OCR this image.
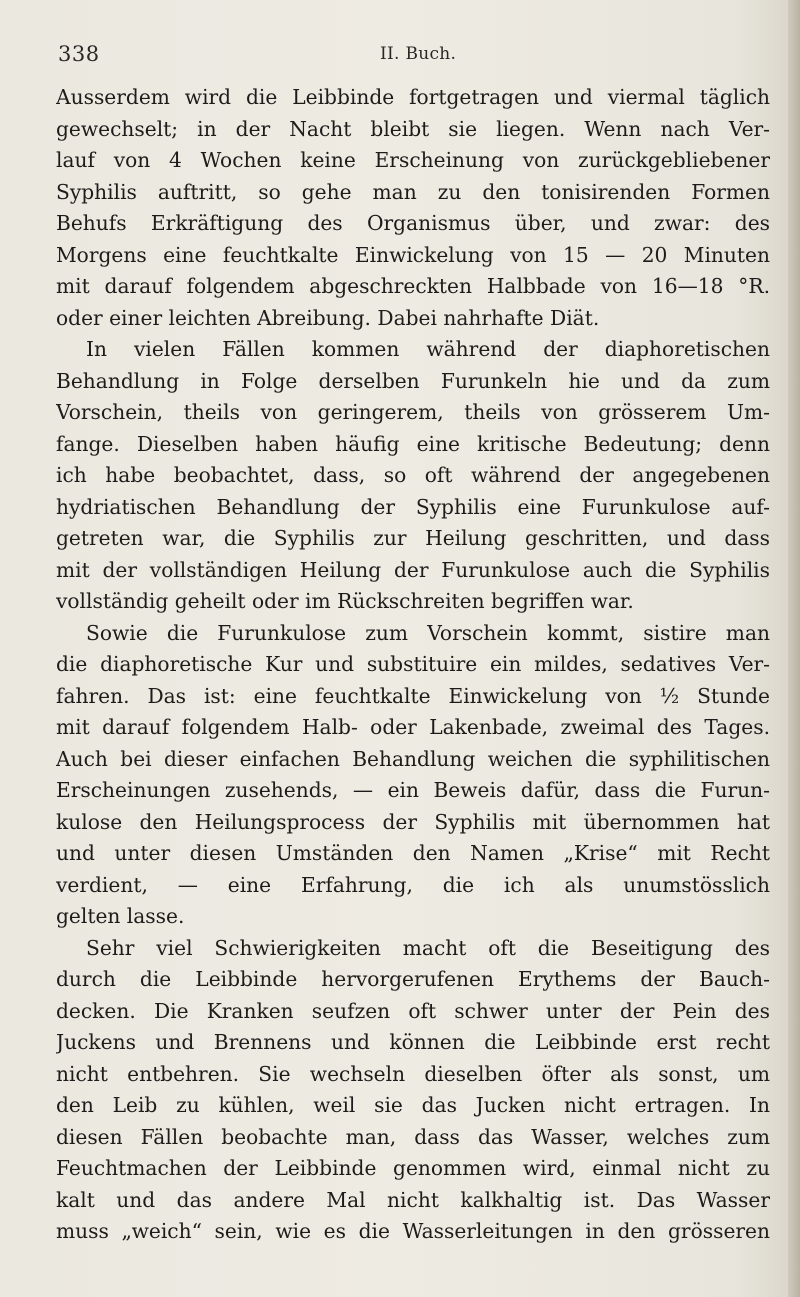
338	II. Buch.
Ausserdem wird die Leibbinde fortgetragen und viermal täglich
gewechselt; in der Nacht bleibt sie liegen. Wenn nach Ver-
lauf von 4 Wochen keine Erscheinung von zurückgebliebener
Syphilis auftritt, so gehe man zu den tonisirenden Formen
Behufs Erkräftigung des Organismus über, und zwar: des
Morgens eine feuchtkalte Einwickelung von 15 — 20 Minuten
mit darauf folgendem abgeschreckten Halbbade von 16—18 °R.
oder einer leichten Abreibung. Dabei nahrhafte Diät.
In vielen Fällen kommen während der diaphoretischen
Behandlung in Folge derselben Furunkeln hie und da zum
Vorschein, theils von geringerem, theils von grösserem Um-
fange. Dieselben haben häufig eine kritische Bedeutung; denn
ich habe beobachtet, dass, so oft während der angegebenen
hydriatischen Behandlung der Syphilis eine Furunkulose auf-
getreten war, die Syphilis zur Heilung geschritten, und dass
mit der vollständigen Heilung der Furunkulose auch die Syphilis
vollständig geheilt oder im Rückschreiten begriffen war.
Sowie die Furunkulose zum Vorschein kommt, sistire man
die diaphoretische Kur und substituire ein mildes, sedatives Ver-
fahren. Das ist: eine feuchtkalte Einwickelung von ½ Stunde
mit darauf folgendem Halb- oder Lakenbade, zweimal des Tages.
Auch bei dieser einfachen Behandlung weichen die syphilitischen
Erscheinungen zusehends, — ein Beweis dafür, dass die Furun-
kulose den Heilungsprocess der Syphilis mit übernommen hat
und unter diesen Umständen den Namen „Krise“ mit Recht
verdient, — eine Erfahrung, die ich als unumstösslich
gelten lasse.
Sehr viel Schwierigkeiten macht oft die Beseitigung des
durch die Leibbinde hervorgerufenen Erythems der Bauch-
decken. Die Kranken seufzen oft schwer unter der Pein des
Juckens und Brennens und können die Leibbinde erst recht
nicht entbehren. Sie wechseln dieselben öfter als sonst, um
den Leib zu kühlen, weil sie das Jucken nicht ertragen. In
diesen Fällen beobachte man, dass das Wasser, welches zum
Feuchtmachen der Leibbinde genommen wird, einmal nicht zu
kalt und das andere Mal nicht kalkhaltig ist. Das Wasser
muss „weich“ sein, wie es die Wasserleitungen in den grösseren
